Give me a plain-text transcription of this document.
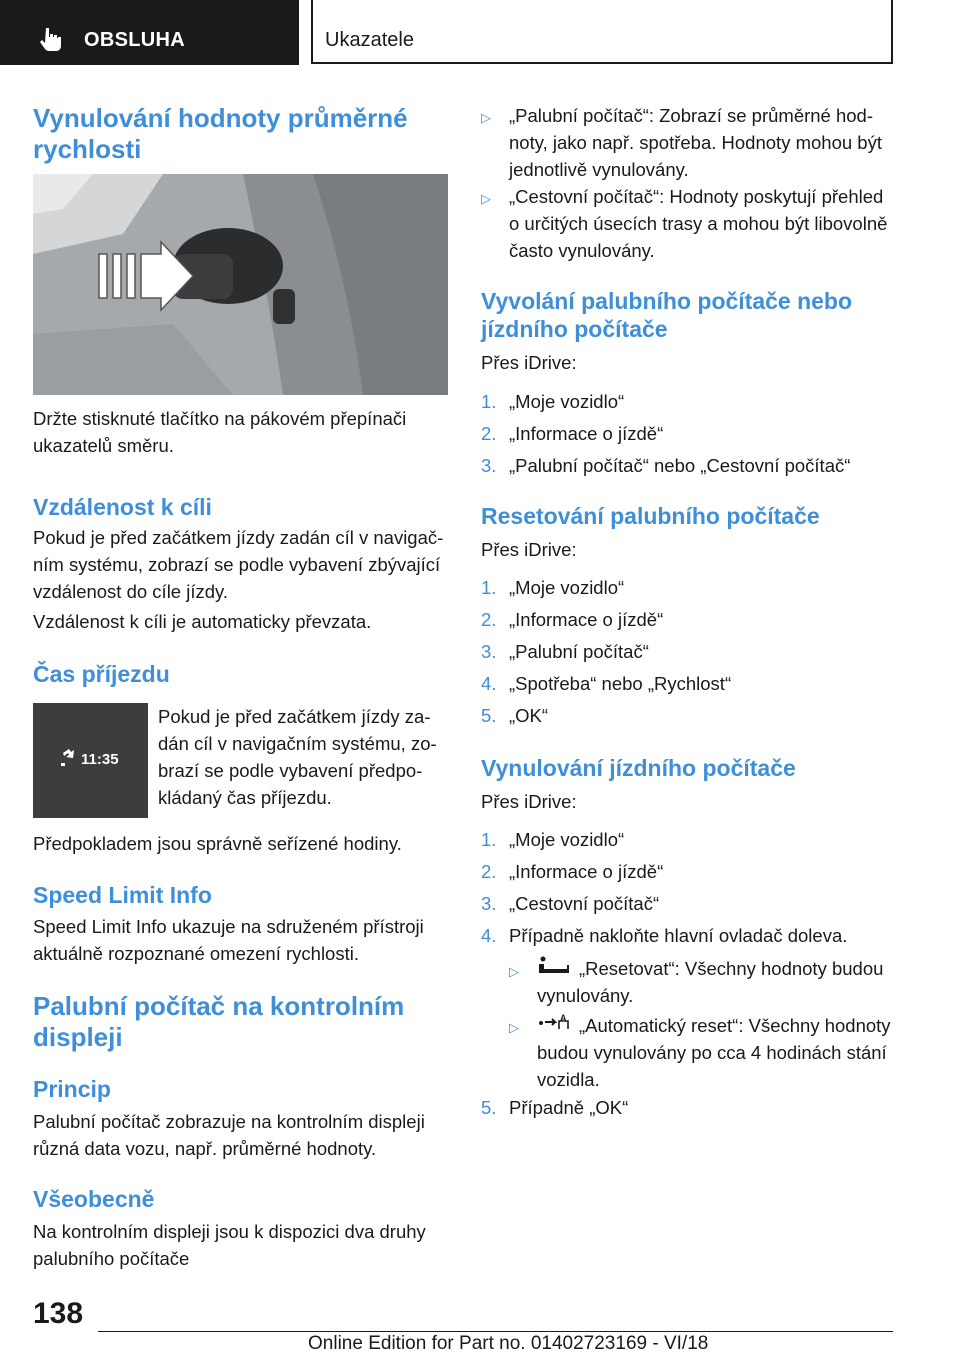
OBSLUHA	Ukazatele
Vynulování hodnoty průměrné rychlosti

Držte stisknuté tlačítko na pákovém přepínači ukazatelů směru.

Vzdálenost k cíli

Pokud je před začátkem jízdy zadán cíl v navigačním systému, zobrazí se podle vybavení zbývající vzdálenost do cíle jízdy.

Vzdálenost k cíli je automaticky převzata.

Čas příjezdu
11:35

Pokud je před začátkem jízdy zadán cíl v navigačním systému, zobrazí se podle vybavení předpokládaný čas příjezdu.

Předpokladem jsou správně seřízené hodiny.

Speed Limit Info

Speed Limit Info ukazuje na sdruženém přístroji aktuálně rozpoznané omezení rychlosti.

Palubní počítač na kontrolním displeji
Princip

Palubní počítač zobrazuje na kontrolním displeji různá data vozu, např. průměrné hodnoty.

Všeobecně

Na kontrolním displeji jsou k dispozici dva druhy palubního počítače

▷ „Palubní počítač“: Zobrazí se průměrné hodnoty, jako např. spotřeba. Hodnoty mohou být jednotlivě vynulovány.

▷ „Cestovní počítač“: Hodnoty poskytují přehled o určitých úsecích trasy a mohou být libovolně často vynulovány.

Vyvolání palubního počítače nebo jízdního počítače

Přes iDrive:

1. „Moje vozidlo“
2. „Informace o jízdě“
3. „Palubní počítač“ nebo „Cestovní počítač“
Resetování palubního počítače

Přes iDrive:

1. „Moje vozidlo“
2. „Informace o jízdě“
3. „Palubní počítač“
4. „Spotřeba“ nebo „Rychlost“
5. „OK“
Vynulování jízdního počítače

Přes iDrive:

1. „Moje vozidlo“
2. „Informace o jízdě“
3. „Cestovní počítač“
4. Případně nakloňte hlavní ovladač doleva.
▷	„Resetovat“: Všechny hodnoty budou vynulovány.

▷
A „Automatický reset“: Všechny hodnoty budou vynulovány po cca 4 hodinách stání vozidla.

5. Případně „OK“
138
Online Edition for Part no. 01402723169 - VI/18
